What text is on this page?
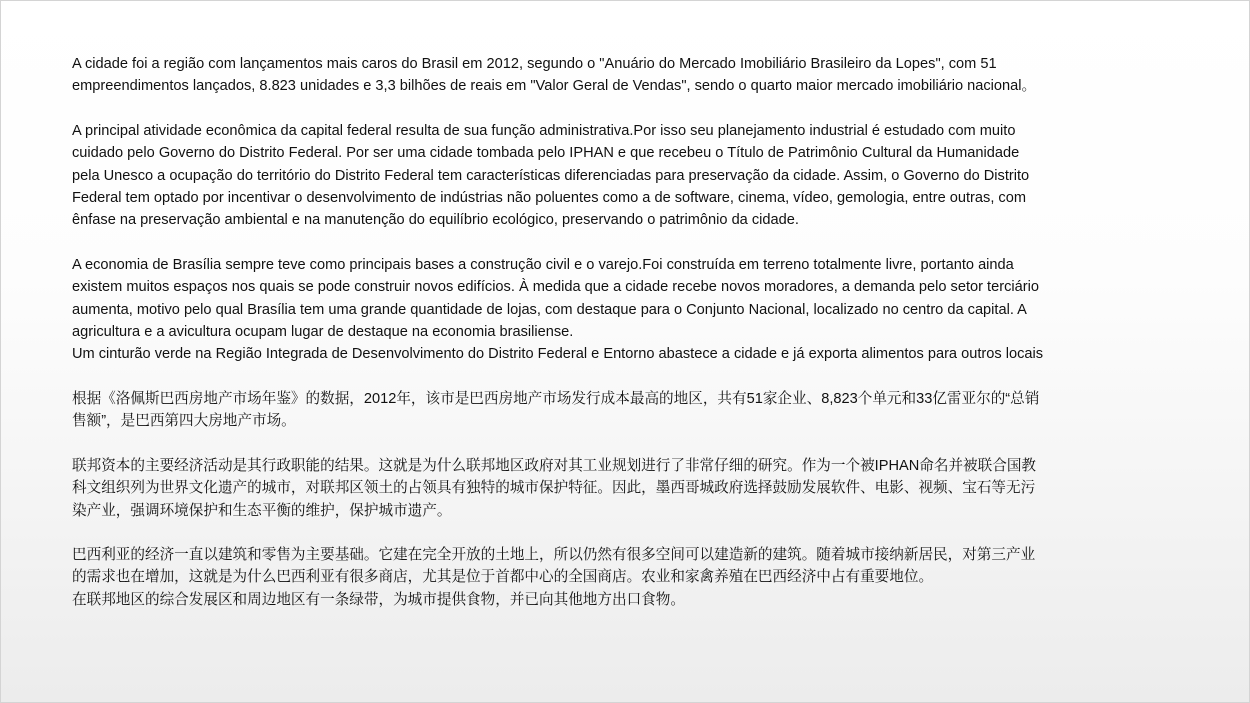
A cidade foi a região com lançamentos mais caros do Brasil em 2012, segundo o "Anuário do Mercado Imobiliário Brasileiro da Lopes", com 51
empreendimentos lançados, 8.823 unidades e 3,3 bilhões de reais em "Valor Geral de Vendas", sendo o quarto maior mercado imobiliário nacional。

A principal atividade econômica da capital federal resulta de sua função administrativa.Por isso seu planejamento industrial é estudado com muito
cuidado pelo Governo do Distrito Federal. Por ser uma cidade tombada pelo IPHAN e que recebeu o Título de Patrimônio Cultural da Humanidade
pela Unesco a ocupação do território do Distrito Federal tem características diferenciadas para preservação da cidade. Assim, o Governo do Distrito
Federal tem optado por incentivar o desenvolvimento de indústrias não poluentes como a de software, cinema, vídeo, gemologia, entre outras, com
ênfase na preservação ambiental e na manutenção do equilíbrio ecológico, preservando o patrimônio da cidade.

A economia de Brasília sempre teve como principais bases a construção civil e o varejo.Foi construída em terreno totalmente livre, portanto ainda
existem muitos espaços nos quais se pode construir novos edifícios. À medida que a cidade recebe novos moradores, a demanda pelo setor terciário
aumenta, motivo pelo qual Brasília tem uma grande quantidade de lojas, com destaque para o Conjunto Nacional, localizado no centro da capital. A
agricultura e a avicultura ocupam lugar de destaque na economia brasiliense.
Um cinturão verde na Região Integrada de Desenvolvimento do Distrito Federal e Entorno abastece a cidade e já exporta alimentos para outros locais

根据《洛佩斯巴西房地产市场年鉴》的数据，2012年，该市是巴西房地产市场发行成本最高的地区，共有51家企业、8,823个单元和33亿雷亚尔的“总销
售额”，是巴西第四大房地产市场。

联邦资本的主要经济活动是其行政职能的结果。这就是为什么联邦地区政府对其工业规划进行了非常仔细的研究。作为一个被IPHAN命名并被联合国教
科文组织列为世界文化遗产的城市，对联邦区领土的占领具有独特的城市保护特征。因此，墨西哥城政府选择鼓励发展软件、电影、视频、宝石等无污
染产业，强调环境保护和生态平衡的维护，保护城市遗产。

巴西利亚的经济一直以建筑和零售为主要基础。它建在完全开放的土地上，所以仍然有很多空间可以建造新的建筑。随着城市接纳新居民，对第三产业
的需求也在增加，这就是为什么巴西利亚有很多商店，尤其是位于首都中心的全国商店。农业和家禽养殖在巴西经济中占有重要地位。
在联邦地区的综合发展区和周边地区有一条绿带，为城市提供食物，并已向其他地方出口食物。
